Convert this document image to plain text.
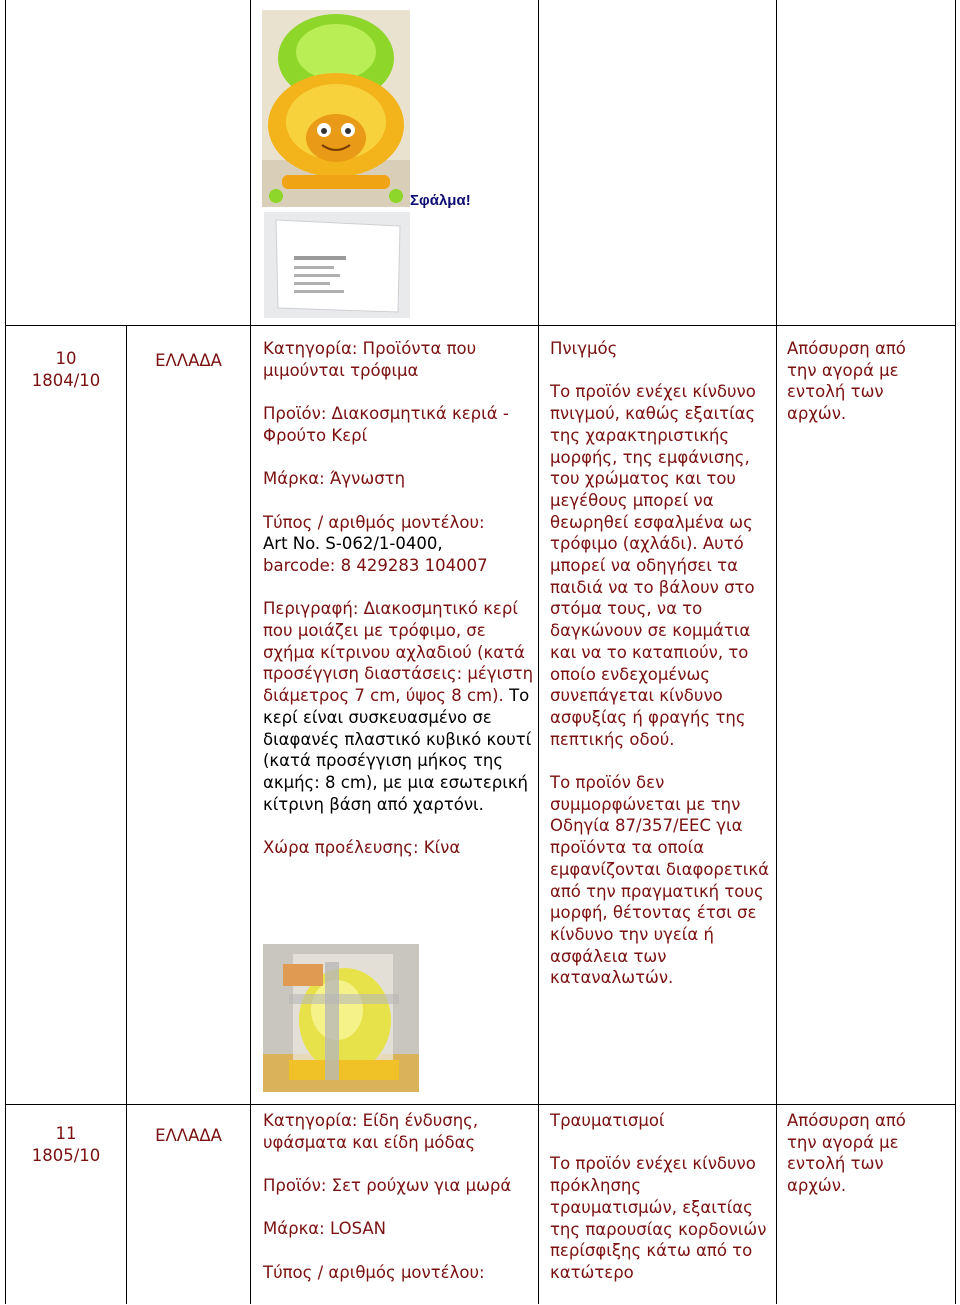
Σφάλμα!
10
1804/10
ΕΛΛΑΔΑ

Κατηγορία: Προϊόντα που μιμούνται τρόφιμα

Προϊόν: Διακοσμητικά κεριά - Φρούτο Κερί

Μάρκα: Άγνωστη

Τύπος / αριθμός μοντέλου:
Art No. S-062/1-0400,
barcode: 8 429283 104007

Περιγραφή: Διακοσμητικό κερί που μοιάζει με τρόφιμο, σε σχήμα κίτρινου αχλαδιού (κατά προσέγγιση διαστάσεις: μέγιστη διάμετρος 7 cm, ύψος 8 cm). Το κερί είναι συσκευασμένο σε διαφανές πλαστικό κυβικό κουτί (κατά προσέγγιση μήκος της ακμής: 8 cm), με μια εσωτερική κίτρινη βάση από χαρτόνι.

Χώρα προέλευσης: Κίνα

Πνιγμός

Το προϊόν ενέχει κίνδυνο πνιγμού, καθώς εξαιτίας της χαρακτηριστικής μορφής, της εμφάνισης, του χρώματος και του μεγέθους μπορεί να θεωρηθεί εσφαλμένα ως τρόφιμο (αχλάδι). Αυτό μπορεί να οδηγήσει τα παιδιά να το βάλουν στο στόμα τους, να το δαγκώνουν σε κομμάτια και να το καταπιούν, το οποίο ενδεχομένως συνεπάγεται κίνδυνο ασφυξίας ή φραγής της πεπτικής οδού.

Το προϊόν δεν συμμορφώνεται με την Οδηγία 87/357/ΕΕC για προϊόντα τα οποία εμφανίζονται διαφορετικά από την πραγματική τους μορφή, θέτοντας έτσι σε κίνδυνο την υγεία ή ασφάλεια των καταναλωτών.

Απόσυρση από την αγορά με εντολή των αρχών.
11
1805/10
ΕΛΛΑΔΑ

Κατηγορία: Είδη ένδυσης, υφάσματα και είδη μόδας

Προϊόν: Σετ ρούχων για μωρά

Μάρκα: LOSAN

Τύπος / αριθμός μοντέλου:

Τραυματισμοί

Το προϊόν ενέχει κίνδυνο πρόκλησης τραυματισμών, εξαιτίας της παρουσίας κορδονιών περίσφιξης κάτω από το κατώτερο

Απόσυρση από την αγορά με εντολή των αρχών.
